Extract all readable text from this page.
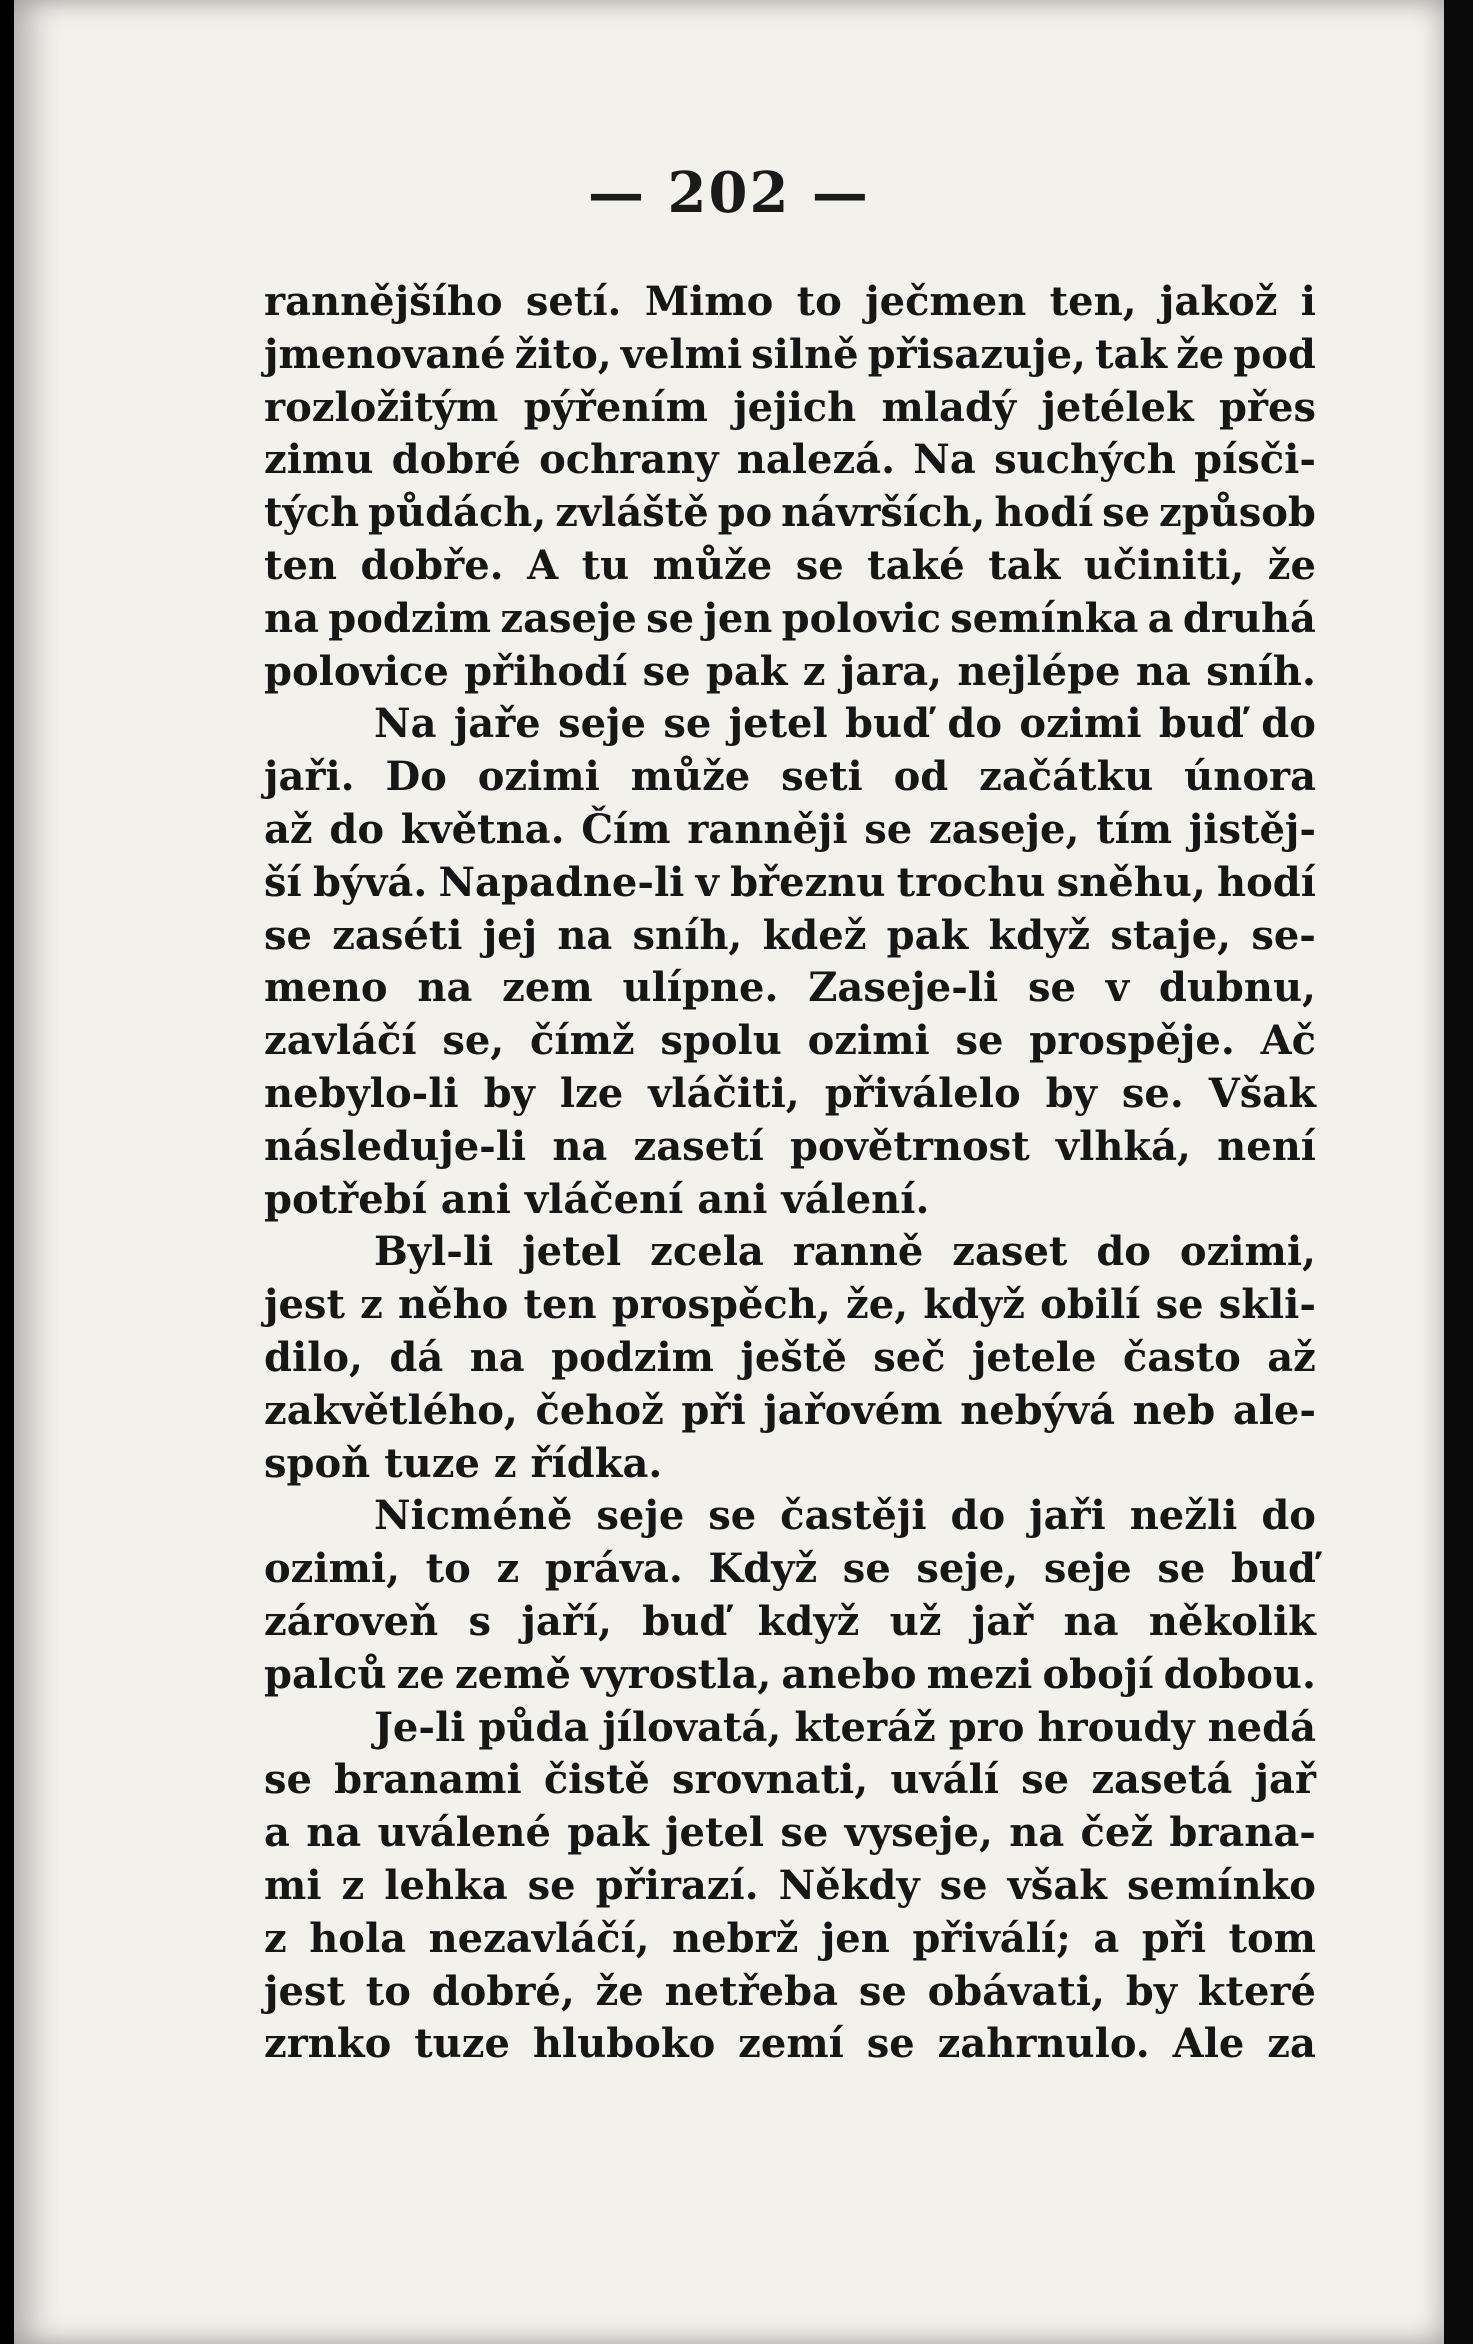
— 202 —
rannějšího setí. Mimo to ječmen ten, jakož i
jmenované žito, velmi silně přisazuje, tak že pod
rozložitým pýřením jejich mladý jetélek přes
zimu dobré ochrany nalezá. Na suchých písči-
tých půdách, zvláště po návrších, hodí se způsob
ten dobře. A tu může se také tak učiniti, že
na podzim zaseje se jen polovic semínka a druhá
polovice přihodí se pak z jara, nejlépe na sníh.
Na jaře seje se jetel buď do ozimi buď do
jaři. Do ozimi může seti od začátku února
až do května. Čím ranněji se zaseje, tím jistěj-
ší bývá. Napadne-li v březnu trochu sněhu, hodí
se zaséti jej na sníh, kdež pak když staje, se-
meno na zem ulípne. Zaseje-li se v dubnu,
zavláčí se, čímž spolu ozimi se prospěje. Ač
nebylo-li by lze vláčiti, přiválelo by se. Však
následuje-li na zasetí povětrnost vlhká, není
potřebí ani vláčení ani válení.
Byl-li jetel zcela ranně zaset do ozimi,
jest z něho ten prospěch, že, když obilí se skli-
dilo, dá na podzim ještě seč jetele často až
zakvětlého, čehož při jařovém nebývá neb ale-
spoň tuze z řídka.
Nicméně seje se častěji do jaři nežli do
ozimi, to z práva. Když se seje, seje se buď
zároveň s jaří, buď když už jař na několik
palců ze země vyrostla, anebo mezi obojí dobou.
Je-li půda jílovatá, kteráž pro hroudy nedá
se branami čistě srovnati, uválí se zasetá jař
a na uválené pak jetel se vyseje, na čež brana-
mi z lehka se přirazí. Někdy se však semínko
z hola nezavláčí, nebrž jen přiválí; a při tom
jest to dobré, že netřeba se obávati, by které
zrnko tuze hluboko zemí se zahrnulo. Ale za
